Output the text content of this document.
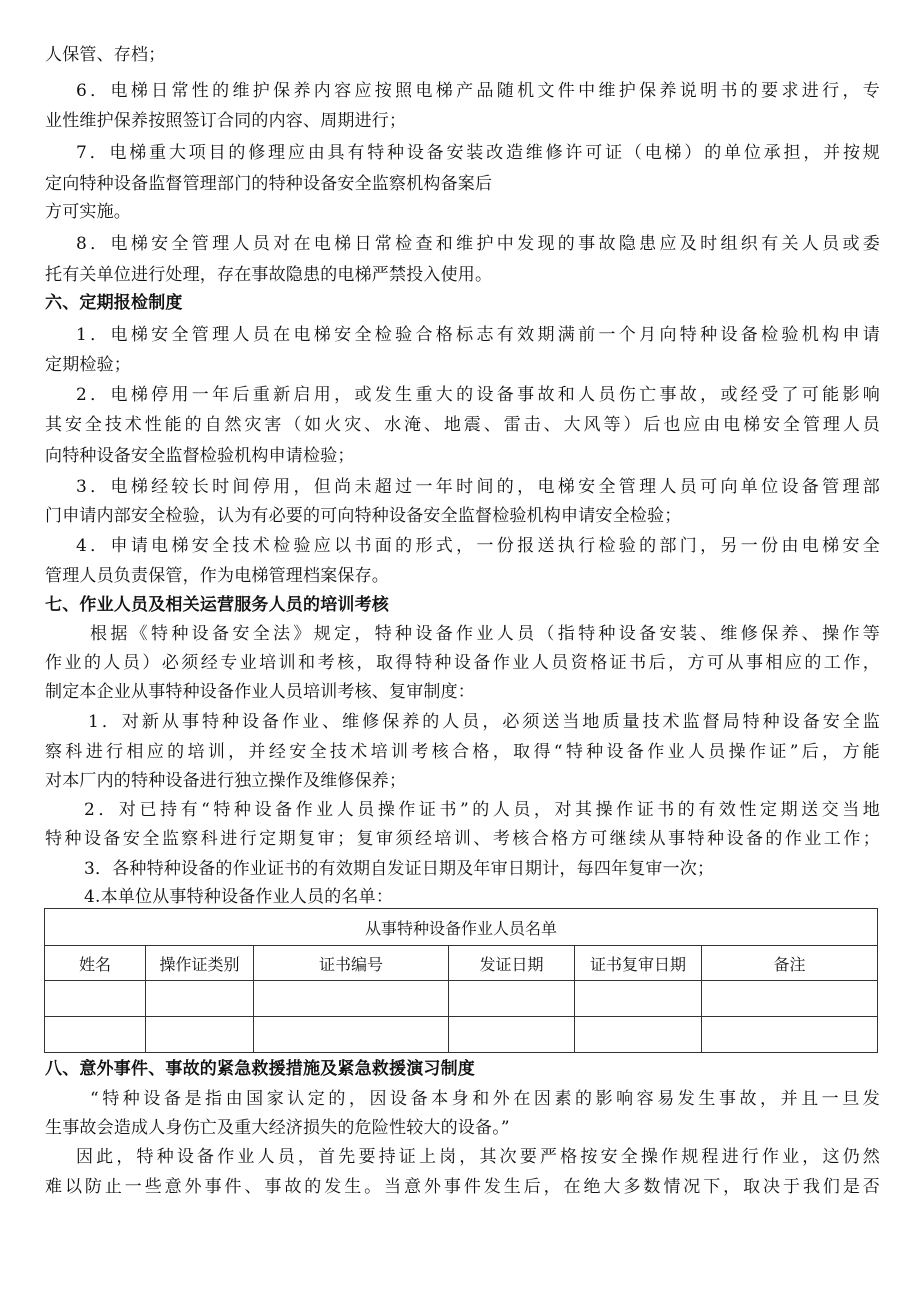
人保管、存档；
6．电梯日常性的维护保养内容应按照电梯产品随机文件中维护保养说明书的要求进行，专
业性维护保养按照签订合同的内容、周期进行；
7．电梯重大项目的修理应由具有特种设备安装改造维修许可证（电梯）的单位承担，并按规
定向特种设备监督管理部门的特种设备安全监察机构备案后
方可实施。
8．电梯安全管理人员对在电梯日常检查和维护中发现的事故隐患应及时组织有关人员或委
托有关单位进行处理，存在事故隐患的电梯严禁投入使用。
六、定期报检制度
1．电梯安全管理人员在电梯安全检验合格标志有效期满前一个月向特种设备检验机构申请
定期检验；
2．电梯停用一年后重新启用，或发生重大的设备事故和人员伤亡事故，或经受了可能影响
其安全技术性能的自然灾害（如火灾、水淹、地震、雷击、大风等）后也应由电梯安全管理人员
向特种设备安全监督检验机构申请检验；
3．电梯经较长时间停用，但尚未超过一年时间的，电梯安全管理人员可向单位设备管理部
门申请内部安全检验，认为有必要的可向特种设备安全监督检验机构申请安全检验；
4．申请电梯安全技术检验应以书面的形式，一份报送执行检验的部门，另一份由电梯安全
管理人员负责保管，作为电梯管理档案保存。
七、作业人员及相关运营服务人员的培训考核
根据《特种设备安全法》规定，特种设备作业人员（指特种设备安装、维修保养、操作等
作业的人员）必须经专业培训和考核，取得特种设备作业人员资格证书后，方可从事相应的工作，
制定本企业从事特种设备作业人员培训考核、复审制度：
1．对新从事特种设备作业、维修保养的人员，必须送当地质量技术监督局特种设备安全监
察科进行相应的培训，并经安全技术培训考核合格，取得“特种设备作业人员操作证”后，方能
对本厂内的特种设备进行独立操作及维修保养；
2．对已持有“特种设备作业人员操作证书”的人员，对其操作证书的有效性定期送交当地
特种设备安全监察科进行定期复审；复审须经培训、考核合格方可继续从事特种设备的作业工作；
3．各种特种设备的作业证书的有效期自发证日期及年审日期计，每四年复审一次；
4.本单位从事特种设备作业人员的名单：
从事特种设备作业人员名单					
姓名	操作证类别	证书编号	发证日期	证书复审日期	备注

八、意外事件、事故的紧急救援措施及紧急救援演习制度
“特种设备是指由国家认定的，因设备本身和外在因素的影响容易发生事故，并且一旦发
生事故会造成人身伤亡及重大经济损失的危险性较大的设备。”
因此，特种设备作业人员，首先要持证上岗，其次要严格按安全操作规程进行作业，这仍然
难以防止一些意外事件、事故的发生。当意外事件发生后，在绝大多数情况下，取决于我们是否
